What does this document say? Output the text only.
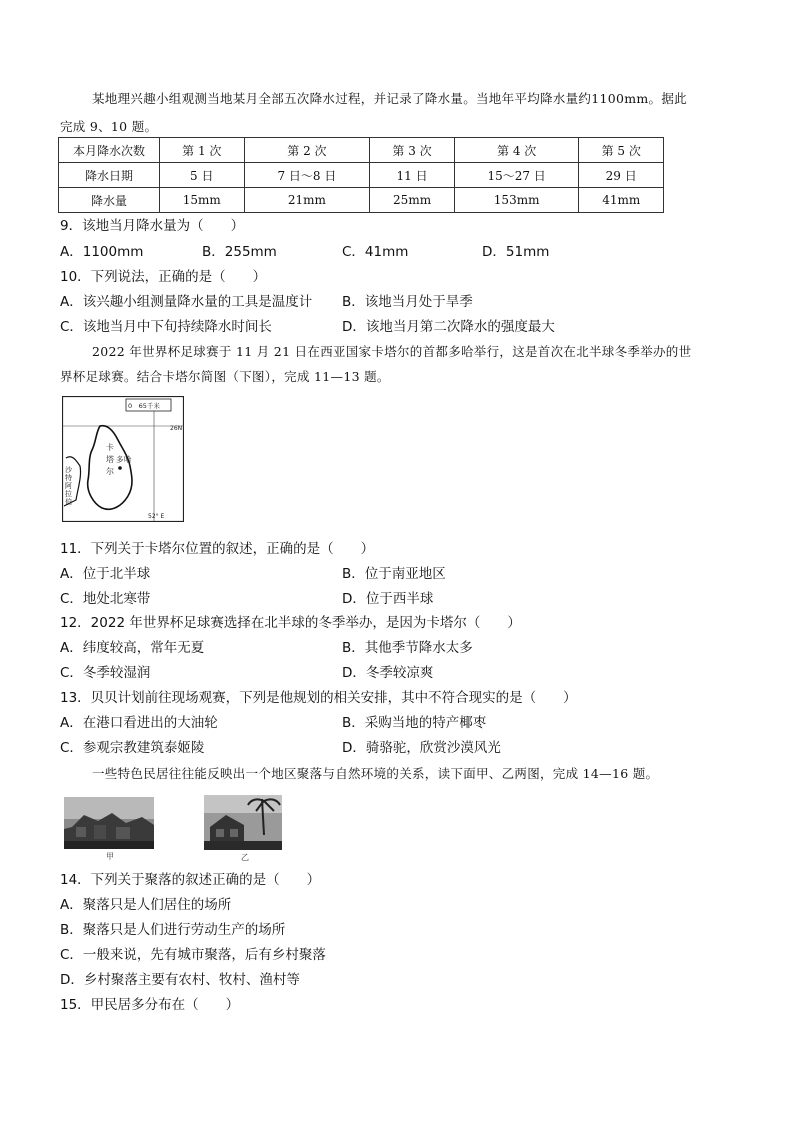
某地理兴趣小组观测当地某月全部五次降水过程，并记录了降水量。当地年平均降水量约1100mm。据此
完成 9、10 题。
本月降水次数	第 1 次	第 2 次	第 3 次	第 4 次	第 5 次
降水日期	5 日	7 日～8 日	11 日	15～27 日	29 日
降水量	15mm	21mm	25mm	153mm	41mm
9．该地当月降水量为（　　）
A．1100mm	B．255mm	C．41mm	D．51mm
10．下列说法，正确的是（　　）
A．该兴趣小组测量降水量的工具是温度计 B．该地当月处于旱季
C．该地当月中下旬持续降水时间长	D．该地当月第二次降水的强度最大
2022 年世界杯足球赛于 11 月 21 日在西亚国家卡塔尔的首都多哈举行，这是首次在北半球冬季举办的世
界杯足球赛。结合卡塔尔简图（下图），完成 11—13 题。
0　65千米
26N
52° E
卡
塔
尔
多 哈
沙
特
阿
拉
伯
11．下列关于卡塔尔位置的叙述，正确的是（　　）
A．位于北半球	B．位于南亚地区
C．地处北寒带	D．位于西半球
12．2022 年世界杯足球赛选择在北半球的冬季举办，是因为卡塔尔（　　）
A．纬度较高，常年无夏	B．其他季节降水太多
C．冬季较湿润	D．冬季较凉爽
13．贝贝计划前往现场观赛，下列是他规划的相关安排，其中不符合现实的是（　　）
A．在港口看进出的大油轮	B．采购当地的特产椰枣
C．参观宗教建筑泰姬陵	D．骑骆驼，欣赏沙漠风光
一些特色民居往往能反映出一个地区聚落与自然环境的关系，读下面甲、乙两图，完成 14—16 题。
甲	乙
14．下列关于聚落的叙述正确的是（　　）
A．聚落只是人们居住的场所
B．聚落只是人们进行劳动生产的场所
C．一般来说，先有城市聚落，后有乡村聚落
D．乡村聚落主要有农村、牧村、渔村等
15．甲民居多分布在（　　）
